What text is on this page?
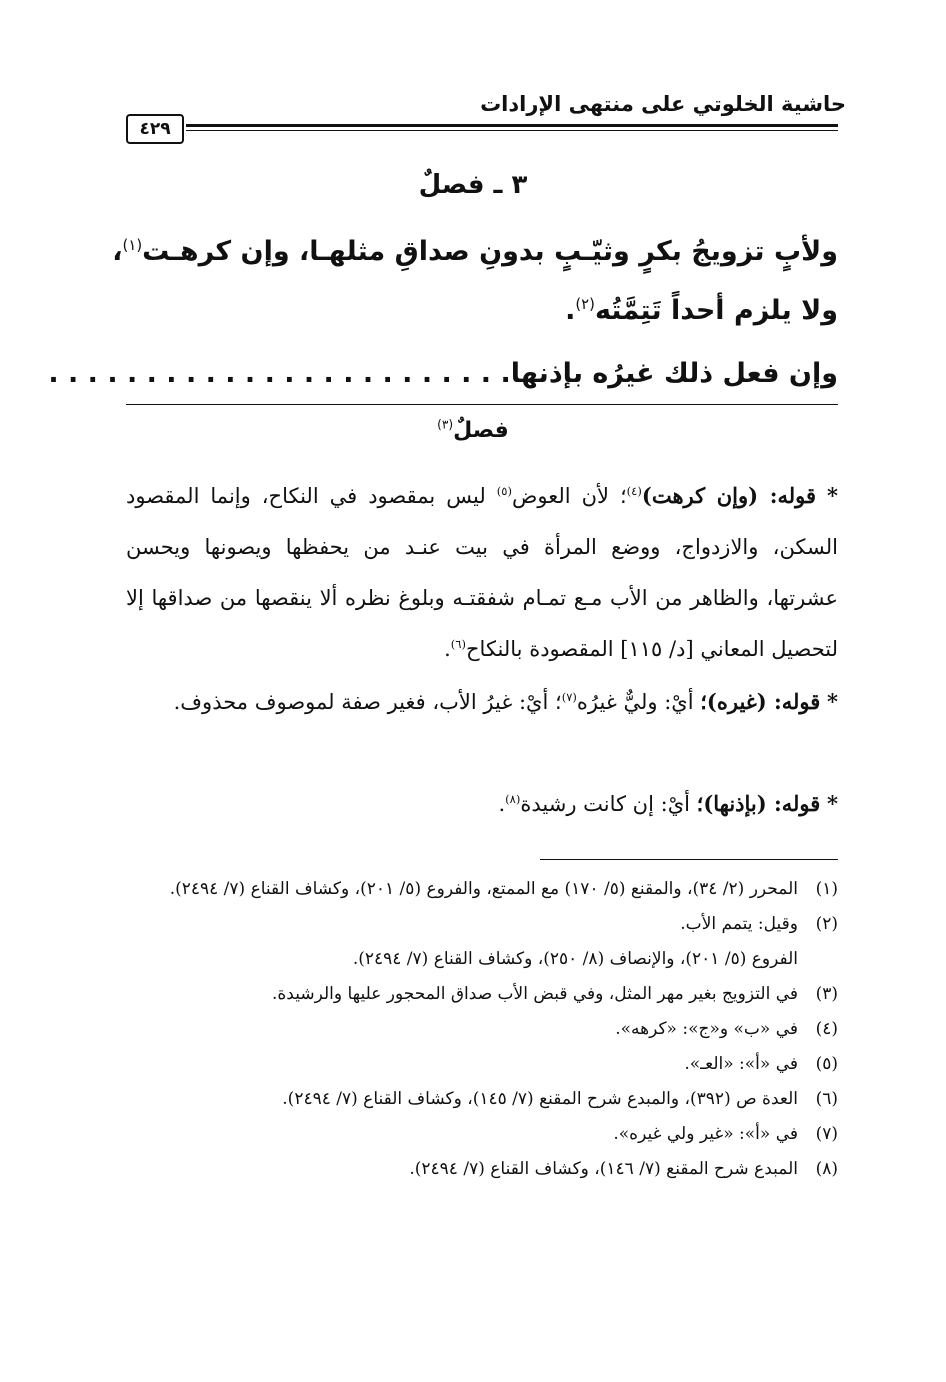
حاشية الخلوتي على منتهى الإرادات
٤٢٩
٣ ـ فصلٌ
ولأبٍ تزويجُ بكرٍ وثيّـبٍ بدونِ صداقِ مثلهـا، وإن كرهـت$^{(١)}$،
ولا يلزم أحداً تَتِمَّتُه$^{(٢)}$.
وإن فعل ذلك غيرُه بإذنها. . . . . . . . . . . . . . . . . . . . . . . .
فصلٌ$^{(٣)}$
* قوله: (وإن كرهت)$^{(٤)}$؛ لأن العوض$^{(٥)}$ ليس بمقصود في النكاح، وإنما المقصود السكن، والازدواج، ووضع المرأة في بيت عنـد من يحفظها ويصونها ويحسن عشرتها، والظاهر من الأب مـع تمـام شفقتـه وبلوغ نظره ألا ينقصها من صداقها إلا لتحصيل المعاني [د/ ١١٥] المقصودة بالنكاح$^{(٦)}$.
* قوله: (غيره)؛ أيْ: وليٌّ غيرُه$^{(٧)}$؛ أيْ: غيرُ الأب، فغير صفة لموصوف محذوف.
* قوله: (بإذنها)؛ أيْ: إن كانت رشيدة$^{(٨)}$.
(١)
المحرر (٢/ ٣٤)، والمقنع (٥/ ١٧٠) مع الممتع، والفروع (٥/ ٢٠١)، وكشاف القناع (٧/ ٢٤٩٤).
(٢)
وقيل: يتمم الأب.
الفروع (٥/ ٢٠١)، والإنصاف (٨/ ٢٥٠)، وكشاف القناع (٧/ ٢٤٩٤).
(٣)
في التزويج بغير مهر المثل، وفي قبض الأب صداق المحجور عليها والرشيدة.
(٤)
في «ب» و«ج»: «كرهه».
(٥)
في «أ»: «العـ».
(٦)
العدة ص (٣٩٢)، والمبدع شرح المقنع (٧/ ١٤٥)، وكشاف القناع (٧/ ٢٤٩٤).
(٧)
في «أ»: «غير ولي غيره».
(٨)
المبدع شرح المقنع (٧/ ١٤٦)، وكشاف القناع (٧/ ٢٤٩٤).
